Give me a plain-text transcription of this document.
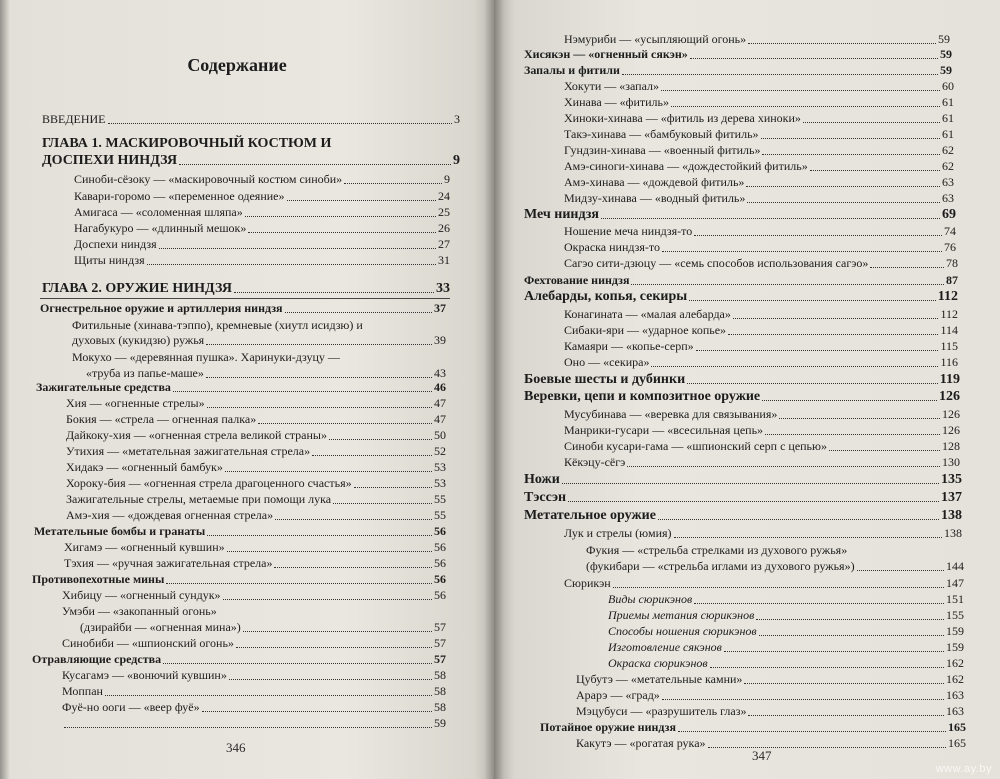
Содержание
ВВЕДЕНИЕ	3
ГЛАВА 1. МАСКИРОВОЧНЫЙ КОСТЮМ И
ДОСПЕХИ НИНДЗЯ	9
Синоби-сёзоку — «маскировочный костюм синоби»	9
Кавари-горомо — «переменное одеяние»	24
Амигаса — «соломенная шляпа»	25
Нагабукуро — «длинный мешок»	26
Доспехи ниндзя	27
Щиты ниндзя	31
ГЛАВА 2. ОРУЖИЕ НИНДЗЯ	33
Огнестрельное оружие и артиллерия ниндзя	37
Фитильные (хинава-тэппо), кремневые (хиутл исидзю) и
духовых (кукидзю) ружья	39
Мокухо — «деревянная пушка». Харинуки-дзуцу —
«труба из папье-маше»	43
Зажигательные средства	46
Хия — «огненные стрелы»	47
Бокия — «стрела — огненная палка»	47
Дайкоку-хия — «огненная стрела великой страны»	50
Утихия — «метательная зажигательная стрела»	52
Хидакэ — «огненный бамбук»	53
Хороку-бия — «огненная стрела драгоценного счастья»	53
Зажигательные стрелы, метаемые при помощи лука	55
Амэ-хия — «дождевая огненная стрела»	55
Метательные бомбы и гранаты	56
Хигамэ — «огненный кувшин»	56
Тэхия — «ручная зажигательная стрела»	56
Противопехотные мины	56
Хибицу — «огненный сундук»	56
Умэби — «закопанный огонь»
(дзирайби — «огненная мина»)	57
Синобиби — «шпионский огонь»	57
Отравляющие средства	57
Кусагамэ — «вонючий кувшин»	58
Моппан	58
Фуё-но ооги — «веер фуё»	58
59
346
Нэмуриби — «усыпляющий огонь»	59
Хисякэн — «огненный сякэн»	59
Запалы и фитили	59
Хокути — «запал»	60
Хинава — «фитиль»	61
Хиноки-хинава — «фитиль из дерева хиноки»	61
Такэ-хинава — «бамбуковый фитиль»	61
Гундзин-хинава — «военный фитиль»	62
Амэ-синоги-хинава — «дождестойкий фитиль»	62
Амэ-хинава — «дождевой фитиль»	63
Мидзу-хинава — «водный фитиль»	63
Меч ниндзя	69
Ношение меча ниндзя-то	74
Окраска ниндзя-то	76
Сагэо сити-дзюцу — «семь способов использования сагэо»	78
Фехтование ниндзя	87
Алебарды, копья, секиры	112
Конагината — «малая алебарда»	112
Сибаки-яри — «ударное копье»	114
Камаяри — «копье-серп»	115
Оно — «секира»	116
Боевые шесты и дубинки	119
Веревки, цепи и композитное оружие	126
Мусубинава — «веревка для связывания»	126
Манрики-гусари — «всесильная цепь»	126
Синоби кусари-гама — «шпионский серп с цепью»	128
Кёкэцу-сёгэ	130
Ножи	135
Тэссэн	137
Метательное оружие	138
Лук и стрелы (юмия)	138
Фукия — «стрельба стрелками из духового ружья»
(фукибари — «стрельба иглами из духового ружья»)	144
Сюрикэн	147
Виды сюрикэнов	151
Приемы метания сюрикэнов	155
Способы ношения сюрикэнов	159
Изготовление сякэнов	159
Окраска сюрикэнов	162
Цубутэ — «метательные камни»	162
Арарэ — «град»	163
Мэцубуси — «разрушитель глаз»	163
Потайное оружие ниндзя	165
Какутэ — «рогатая рука»	165
347
www.ay.by
